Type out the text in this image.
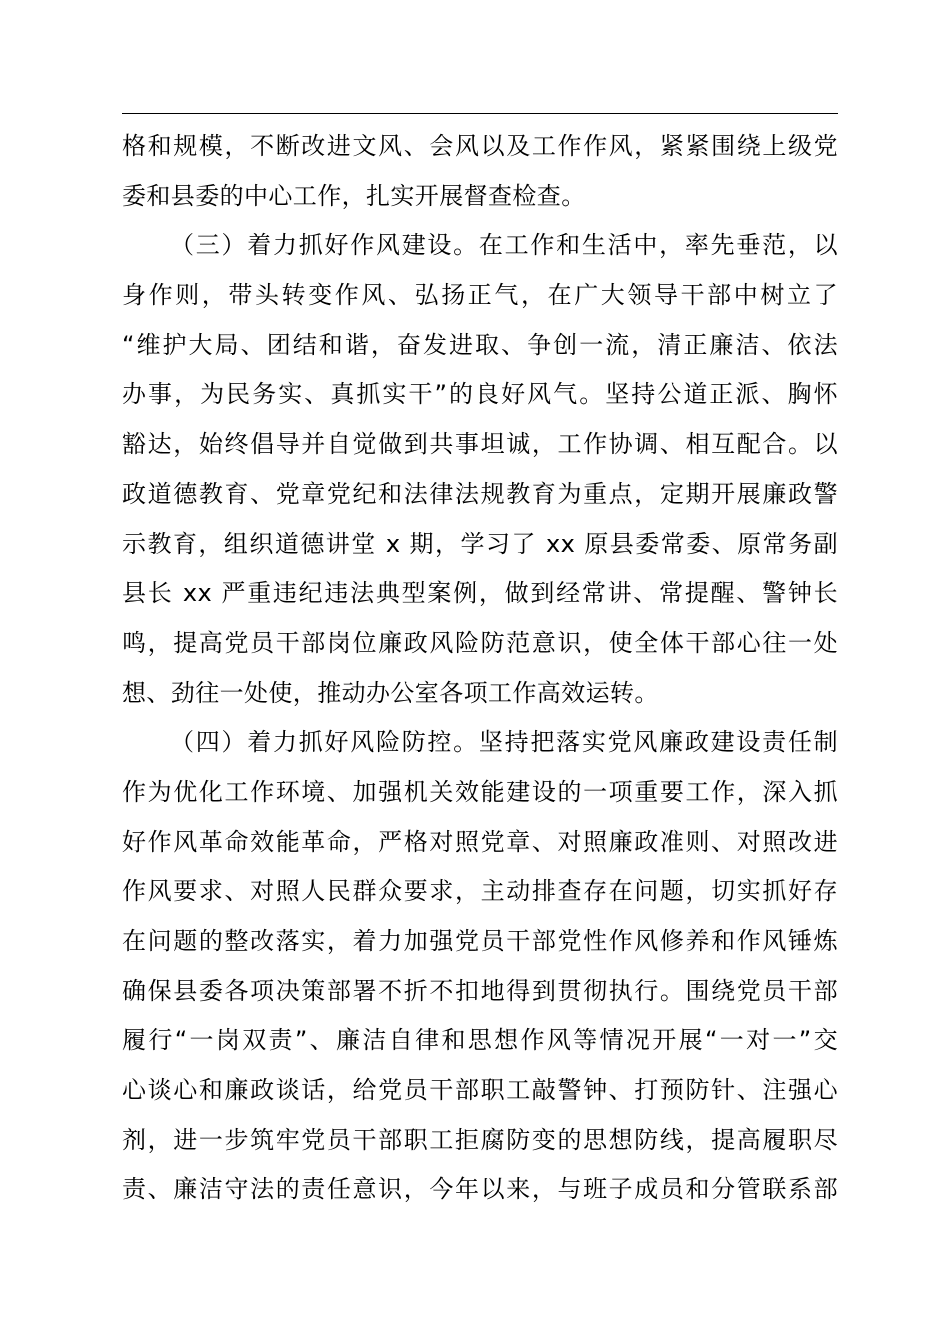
格和规模，不断改进文风、会风以及工作作风，紧紧围绕上级党
委和县委的中心工作，扎实开展督查检查。
（三）着力抓好作风建设。在工作和生活中，率先垂范，以
身作则，带头转变作风、弘扬正气，在广大领导干部中树立了
“维护大局、团结和谐，奋发进取、争创一流，清正廉洁、依法
办事，为民务实、真抓实干”的良好风气。坚持公道正派、胸怀
豁达，始终倡导并自觉做到共事坦诚，工作协调、相互配合。以
政道德教育、党章党纪和法律法规教育为重点，定期开展廉政警
示教育，组织道德讲堂 x 期，学习了 xx 原县委常委、原常务副
县长 xx 严重违纪违法典型案例，做到经常讲、常提醒、警钟长
鸣，提高党员干部岗位廉政风险防范意识，使全体干部心往一处
想、劲往一处使，推动办公室各项工作高效运转。
（四）着力抓好风险防控。坚持把落实党风廉政建设责任制
作为优化工作环境、加强机关效能建设的一项重要工作，深入抓
好作风革命效能革命，严格对照党章、对照廉政准则、对照改进
作风要求、对照人民群众要求，主动排查存在问题，切实抓好存
在问题的整改落实，着力加强党员干部党性作风修养和作风锤炼
确保县委各项决策部署不折不扣地得到贯彻执行。围绕党员干部
履行“一岗双责”、廉洁自律和思想作风等情况开展“一对一”交
心谈心和廉政谈话，给党员干部职工敲警钟、打预防针、注强心
剂，进一步筑牢党员干部职工拒腐防变的思想防线，提高履职尽
责、廉洁守法的责任意识，今年以来，与班子成员和分管联系部
